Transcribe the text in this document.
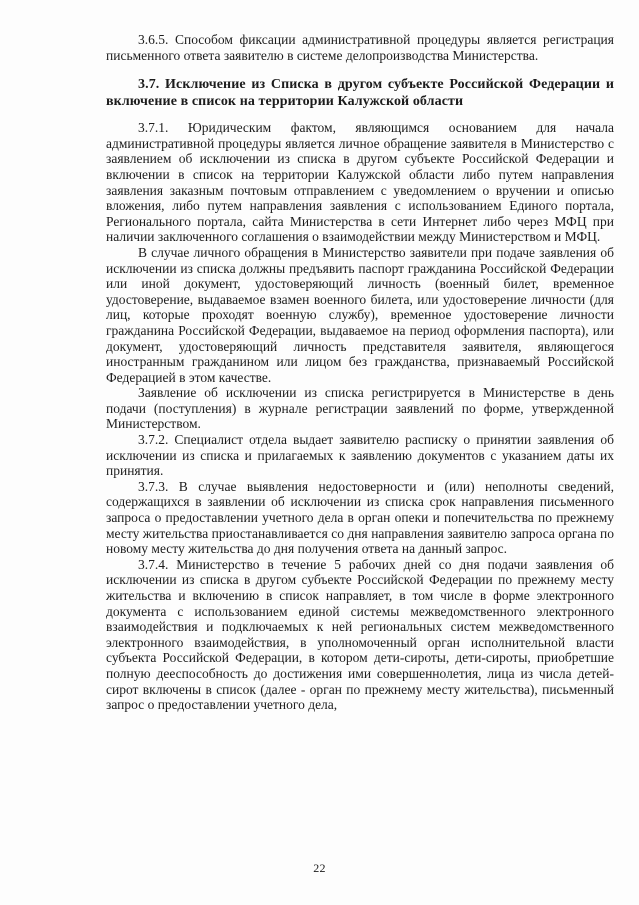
3.6.5. Способом фиксации административной процедуры является регистрация письменного ответа заявителю в системе делопроизводства Министерства.

3.7. Исключение из Списка в другом субъекте Российской Федерации и включение в список на территории Калужской области

3.7.1. Юридическим фактом, являющимся основанием для начала административной процедуры является личное обращение заявителя в Министерство с заявлением об исключении из списка в другом субъекте Российской Федерации и включении в список на территории Калужской области либо путем направления заявления заказным почтовым отправлением с уведомлением о вручении и описью вложения, либо путем направления заявления с использованием Единого портала, Регионального портала, сайта Министерства в сети Интернет либо через МФЦ при наличии заключенного соглашения о взаимодействии между Министерством и МФЦ.

В случае личного обращения в Министерство заявители при подаче заявления об исключении из списка должны предъявить паспорт гражданина Российской Федерации или иной документ, удостоверяющий личность (военный билет, временное удостоверение, выдаваемое взамен военного билета, или удостоверение личности (для лиц, которые проходят военную службу), временное удостоверение личности гражданина Российской Федерации, выдаваемое на период оформления паспорта), или документ, удостоверяющий личность представителя заявителя, являющегося иностранным гражданином или лицом без гражданства, признаваемый Российской Федерацией в этом качестве.

Заявление об исключении из списка регистрируется в Министерстве в день подачи (поступления) в журнале регистрации заявлений по форме, утвержденной Министерством.

3.7.2. Специалист отдела выдает заявителю расписку о принятии заявления об исключении из списка и прилагаемых к заявлению документов с указанием даты их принятия.

3.7.3. В случае выявления недостоверности и (или) неполноты сведений, содержащихся в заявлении об исключении из списка срок направления письменного запроса о предоставлении учетного дела в орган опеки и попечительства по прежнему месту жительства приостанавливается со дня направления заявителю запроса органа по новому месту жительства до дня получения ответа на данный запрос.

3.7.4. Министерство в течение 5 рабочих дней со дня подачи заявления об исключении из списка в другом субъекте Российской Федерации по прежнему месту жительства и включению в список направляет, в том числе в форме электронного документа с использованием единой системы межведомственного электронного взаимодействия и подключаемых к ней региональных систем межведомственного электронного взаимодействия, в уполномоченный орган исполнительной власти субъекта Российской Федерации, в котором дети-сироты, дети-сироты, приобретшие полную дееспособность до достижения ими совершеннолетия, лица из числа детей-сирот включены в список (далее - орган по прежнему месту жительства), письменный запрос о предоставлении учетного дела,

22
